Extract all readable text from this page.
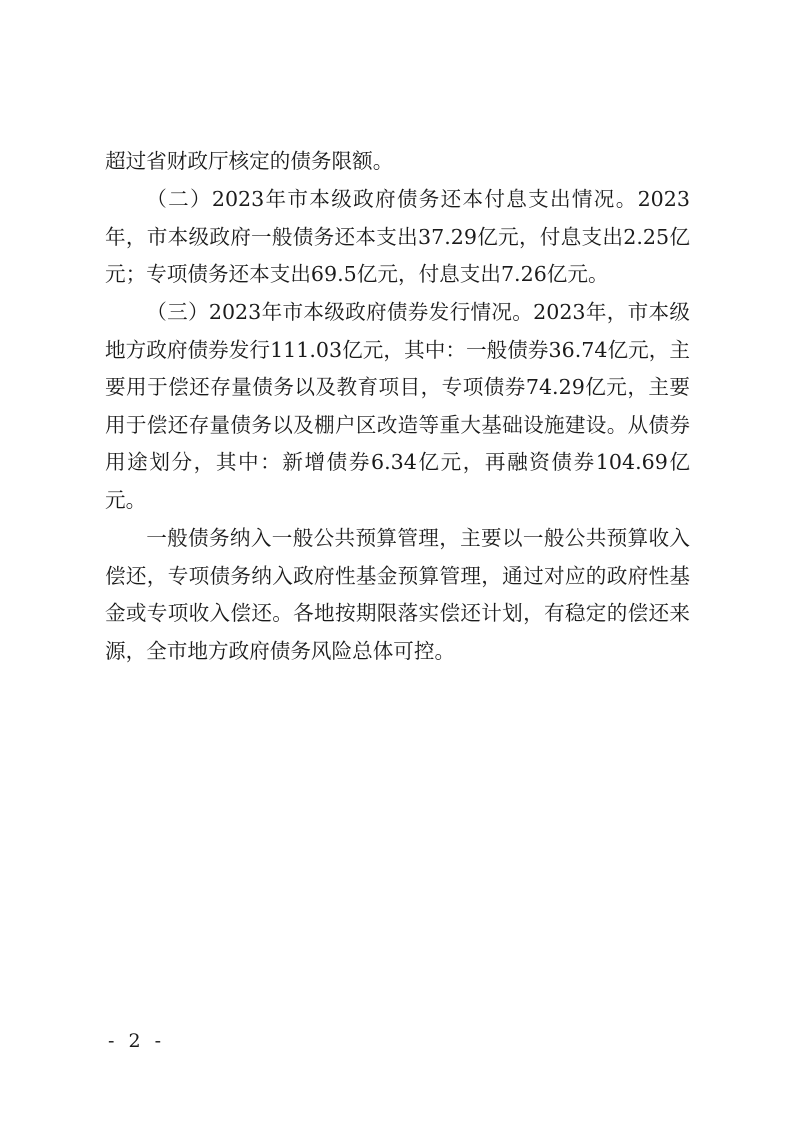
超过省财政厅核定的债务限额。

（二）2023年市本级政府债务还本付息支出情况。2023年，市本级政府一般债务还本支出37.29亿元，付息支出2.25亿元；专项债务还本支出69.5亿元，付息支出7.26亿元。

（三）2023年市本级政府债券发行情况。2023年，市本级地方政府债券发行111.03亿元，其中：一般债券36.74亿元，主要用于偿还存量债务以及教育项目，专项债券74.29亿元，主要用于偿还存量债务以及棚户区改造等重大基础设施建设。从债券用途划分，其中：新增债券6.34亿元，再融资债券104.69亿元。

一般债务纳入一般公共预算管理，主要以一般公共预算收入偿还，专项债务纳入政府性基金预算管理，通过对应的政府性基金或专项收入偿还。各地按期限落实偿还计划，有稳定的偿还来源，全市地方政府债务风险总体可控。

- 2 -
